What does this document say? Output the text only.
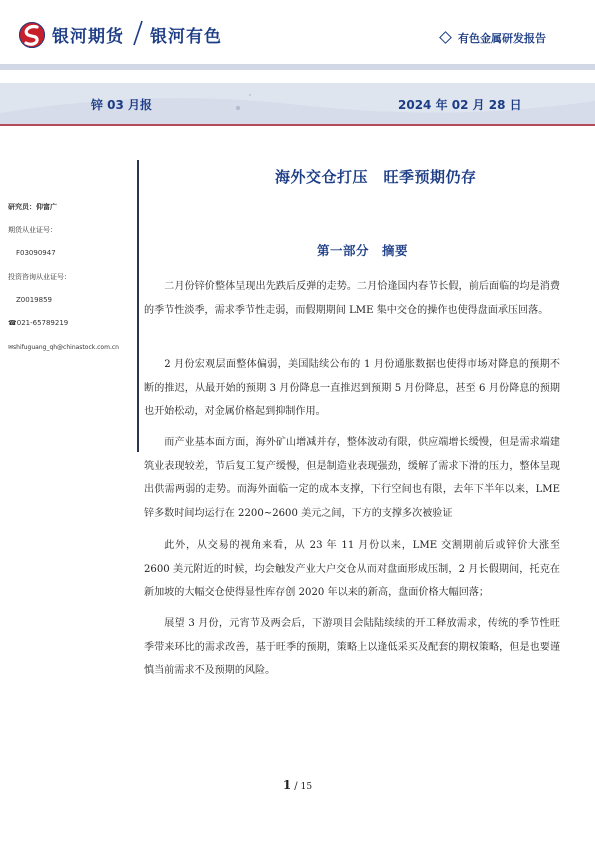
银河期货 银河有色	有色金属研发报告
锌 03 月报	2024 年 02 月 28 日
研究员：仰富广
期货从业证号：
F03090947
投资咨询从业证号：
Z0019859
☎021-65789219
✉shifuguang_qh@chinastock.com.cn
海外交仓打压　旺季预期仍存
第一部分　摘要

二月份锌价整体呈现出先跌后反弹的走势。二月恰逢国内春节长假，前后面临的均是消费的季节性淡季，需求季节性走弱，而假期期间 LME 集中交仓的操作也使得盘面承压回落。

2 月份宏观层面整体偏弱，美国陆续公布的 1 月份通胀数据也使得市场对降息的预期不断的推迟，从最开始的预期 3 月份降息一直推迟到预期 5 月份降息，甚至 6 月份降息的预期也开始松动，对金属价格起到抑制作用。

而产业基本面方面，海外矿山增减并存，整体波动有限，供应端增长缓慢，但是需求端建筑业表现较差，节后复工复产缓慢，但是制造业表现强劲，缓解了需求下滑的压力，整体呈现出供需两弱的走势。而海外面临一定的成本支撑，下行空间也有限，去年下半年以来，LME 锌多数时间均运行在 2200~2600 美元之间，下方的支撑多次被验证

此外，从交易的视角来看，从 23 年 11 月份以来，LME 交割期前后或锌价大涨至 2600 美元附近的时候，均会触发产业大户交仓从而对盘面形成压制，2 月长假期间，托克在新加坡的大幅交仓使得显性库存创 2020 年以来的新高，盘面价格大幅回落；

展望 3 月份，元宵节及两会后，下游项目会陆陆续续的开工释放需求，传统的季节性旺季带来环比的需求改善，基于旺季的预期，策略上以逢低采买及配套的期权策略，但是也要谨慎当前需求不及预期的风险。

1 / 15
